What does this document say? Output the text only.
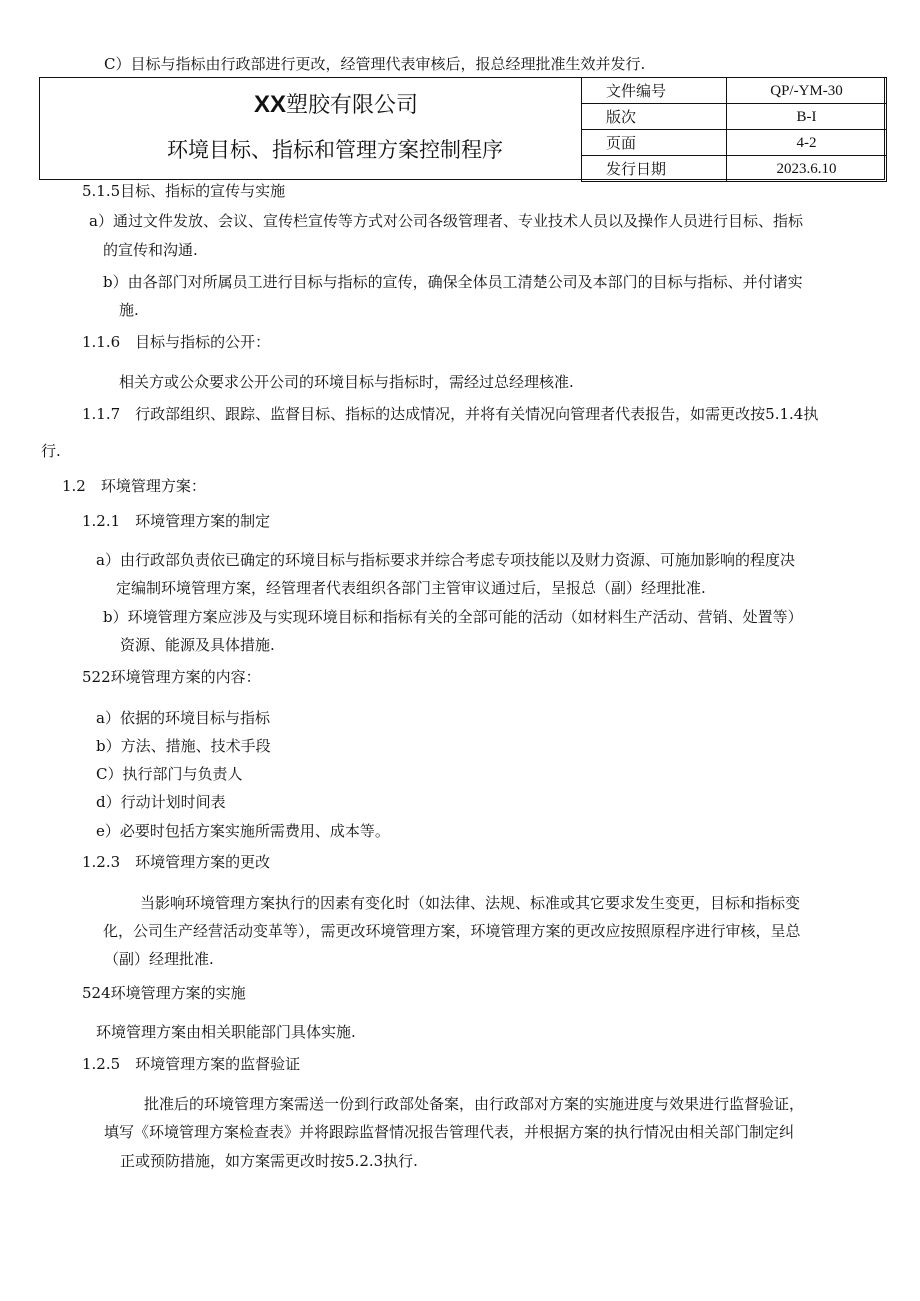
C）目标与指标由行政部进行更改，经管理代表审核后，报总经理批准生效并发行.
XX塑胶有限公司
环境目标、指标和管理方案控制程序
文件编号	QP/-YM-30
版次	B-I
页面	4-2
发行日期	2023.6.10
5.1.5目标、指标的宣传与实施
a）通过文件发放、会议、宣传栏宣传等方式对公司各级管理者、专业技术人员以及操作人员进行目标、指标
的宣传和沟通.
b）由各部门对所属员工进行目标与指标的宣传，确保全体员工清楚公司及本部门的目标与指标、并付诸实
施.
1.1.6　目标与指标的公开：
相关方或公众要求公开公司的环境目标与指标时，需经过总经理核准.
1.1.7　行政部组织、跟踪、监督目标、指标的达成情况，并将有关情况向管理者代表报告，如需更改按5.1.4执
行.
1.2　环境管理方案：
1.2.1　环境管理方案的制定
a）由行政部负责依已确定的环境目标与指标要求并综合考虑专项技能以及财力资源、可施加影响的程度决
定编制环境管理方案，经管理者代表组织各部门主管审议通过后，呈报总（副）经理批准.
b）环境管理方案应涉及与实现环境目标和指标有关的全部可能的活动（如材料生产活动、营销、处置等）
资源、能源及具体措施.
522环境管理方案的内容：
a）依据的环境目标与指标
b）方法、措施、技术手段
C）执行部门与负责人
d）行动计划时间表
e）必要时包括方案实施所需费用、成本等。
1.2.3　环境管理方案的更改
当影响环境管理方案执行的因素有变化时（如法律、法规、标准或其它要求发生变更，目标和指标变
化，公司生产经营活动变革等），需更改环境管理方案，环境管理方案的更改应按照原程序进行审核，呈总
（副）经理批准.
524环境管理方案的实施
环境管理方案由相关职能部门具体实施.
1.2.5　环境管理方案的监督验证
批准后的环境管理方案需送一份到行政部处备案，由行政部对方案的实施进度与效果进行监督验证，
填写《环境管理方案检查表》并将跟踪监督情况报告管理代表，并根据方案的执行情况由相关部门制定纠
正或预防措施，如方案需更改时按5.2.3执行.
